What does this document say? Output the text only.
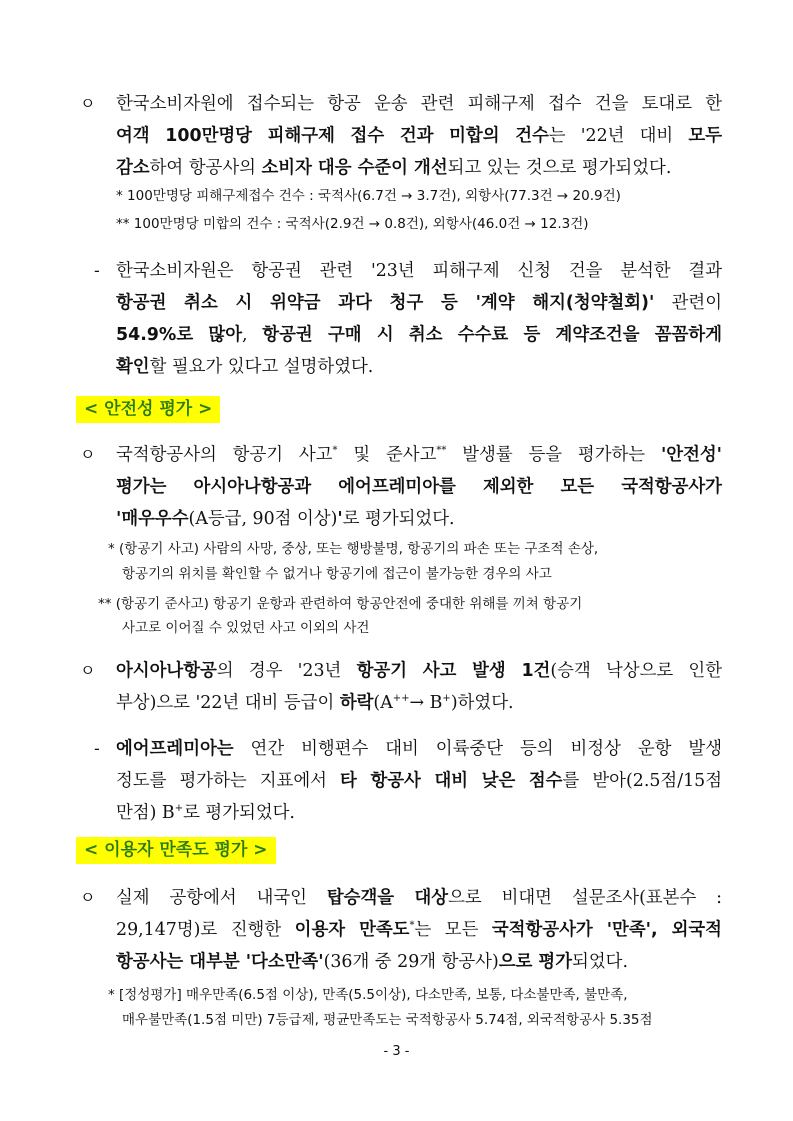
ㅇ	한국소비자원에 접수되는 항공 운송 관련 피해구제 접수 건을 토대로 한
여객 100만명당 피해구제 접수 건과 미합의 건수는 '22년 대비 모두
감소하여 항공사의 소비자 대응 수준이 개선되고 있는 것으로 평가되었다.
* 100만명당 피해구제접수 건수 : 국적사(6.7건 → 3.7건), 외항사(77.3건 → 20.9건)
** 100만명당 미합의 건수 : 국적사(2.9건 → 0.8건), 외항사(46.0건 → 12.3건)
- 한국소비자원은 항공권 관련 '23년 피해구제 신청 건을 분석한 결과
항공권 취소 시 위약금 과다 청구 등 '계약 해지(청약철회)' 관련이
54.9%로 많아, 항공권 구매 시 취소 수수료 등 계약조건을 꼼꼼하게
확인할 필요가 있다고 설명하였다.
< 안전성 평가 >
ㅇ	국적항공사의 항공기 사고* 및 준사고** 발생률 등을 평가하는 '안전성'
평가는 아시아나항공과 에어프레미아를 제외한 모든 국적항공사가
'매우우수(A등급, 90점 이상)'로 평가되었다.
* (항공기 사고) 사람의 사망, 중상, 또는 행방불명, 항공기의 파손 또는 구조적 손상,
항공기의 위치를 확인할 수 없거나 항공기에 접근이 불가능한 경우의 사고
** (항공기 준사고) 항공기 운항과 관련하여 항공안전에 중대한 위해를 끼쳐 항공기
사고로 이어질 수 있었던 사고 이외의 사건
ㅇ	아시아나항공의 경우 '23년 항공기 사고 발생 1건(승객 낙상으로 인한
부상)으로 '22년 대비 등급이 하락(A++→ B+)하였다.
- 에어프레미아는 연간 비행편수 대비 이륙중단 등의 비정상 운항 발생
정도를 평가하는 지표에서 타 항공사 대비 낮은 점수를 받아(2.5점/15점
만점) B+로 평가되었다.
< 이용자 만족도 평가 >
ㅇ	실제 공항에서 내국인 탑승객을 대상으로 비대면 설문조사(표본수 :
29,147명)로 진행한 이용자 만족도*는 모든 국적항공사가 '만족', 외국적
항공사는 대부분 '다소만족'(36개 중 29개 항공사)으로 평가되었다.
* [정성평가] 매우만족(6.5점 이상), 만족(5.5이상), 다소만족, 보통, 다소불만족, 불만족,
매우불만족(1.5점 미만) 7등급제, 평균만족도는 국적항공사 5.74점, 외국적항공사 5.35점
- 3 -
